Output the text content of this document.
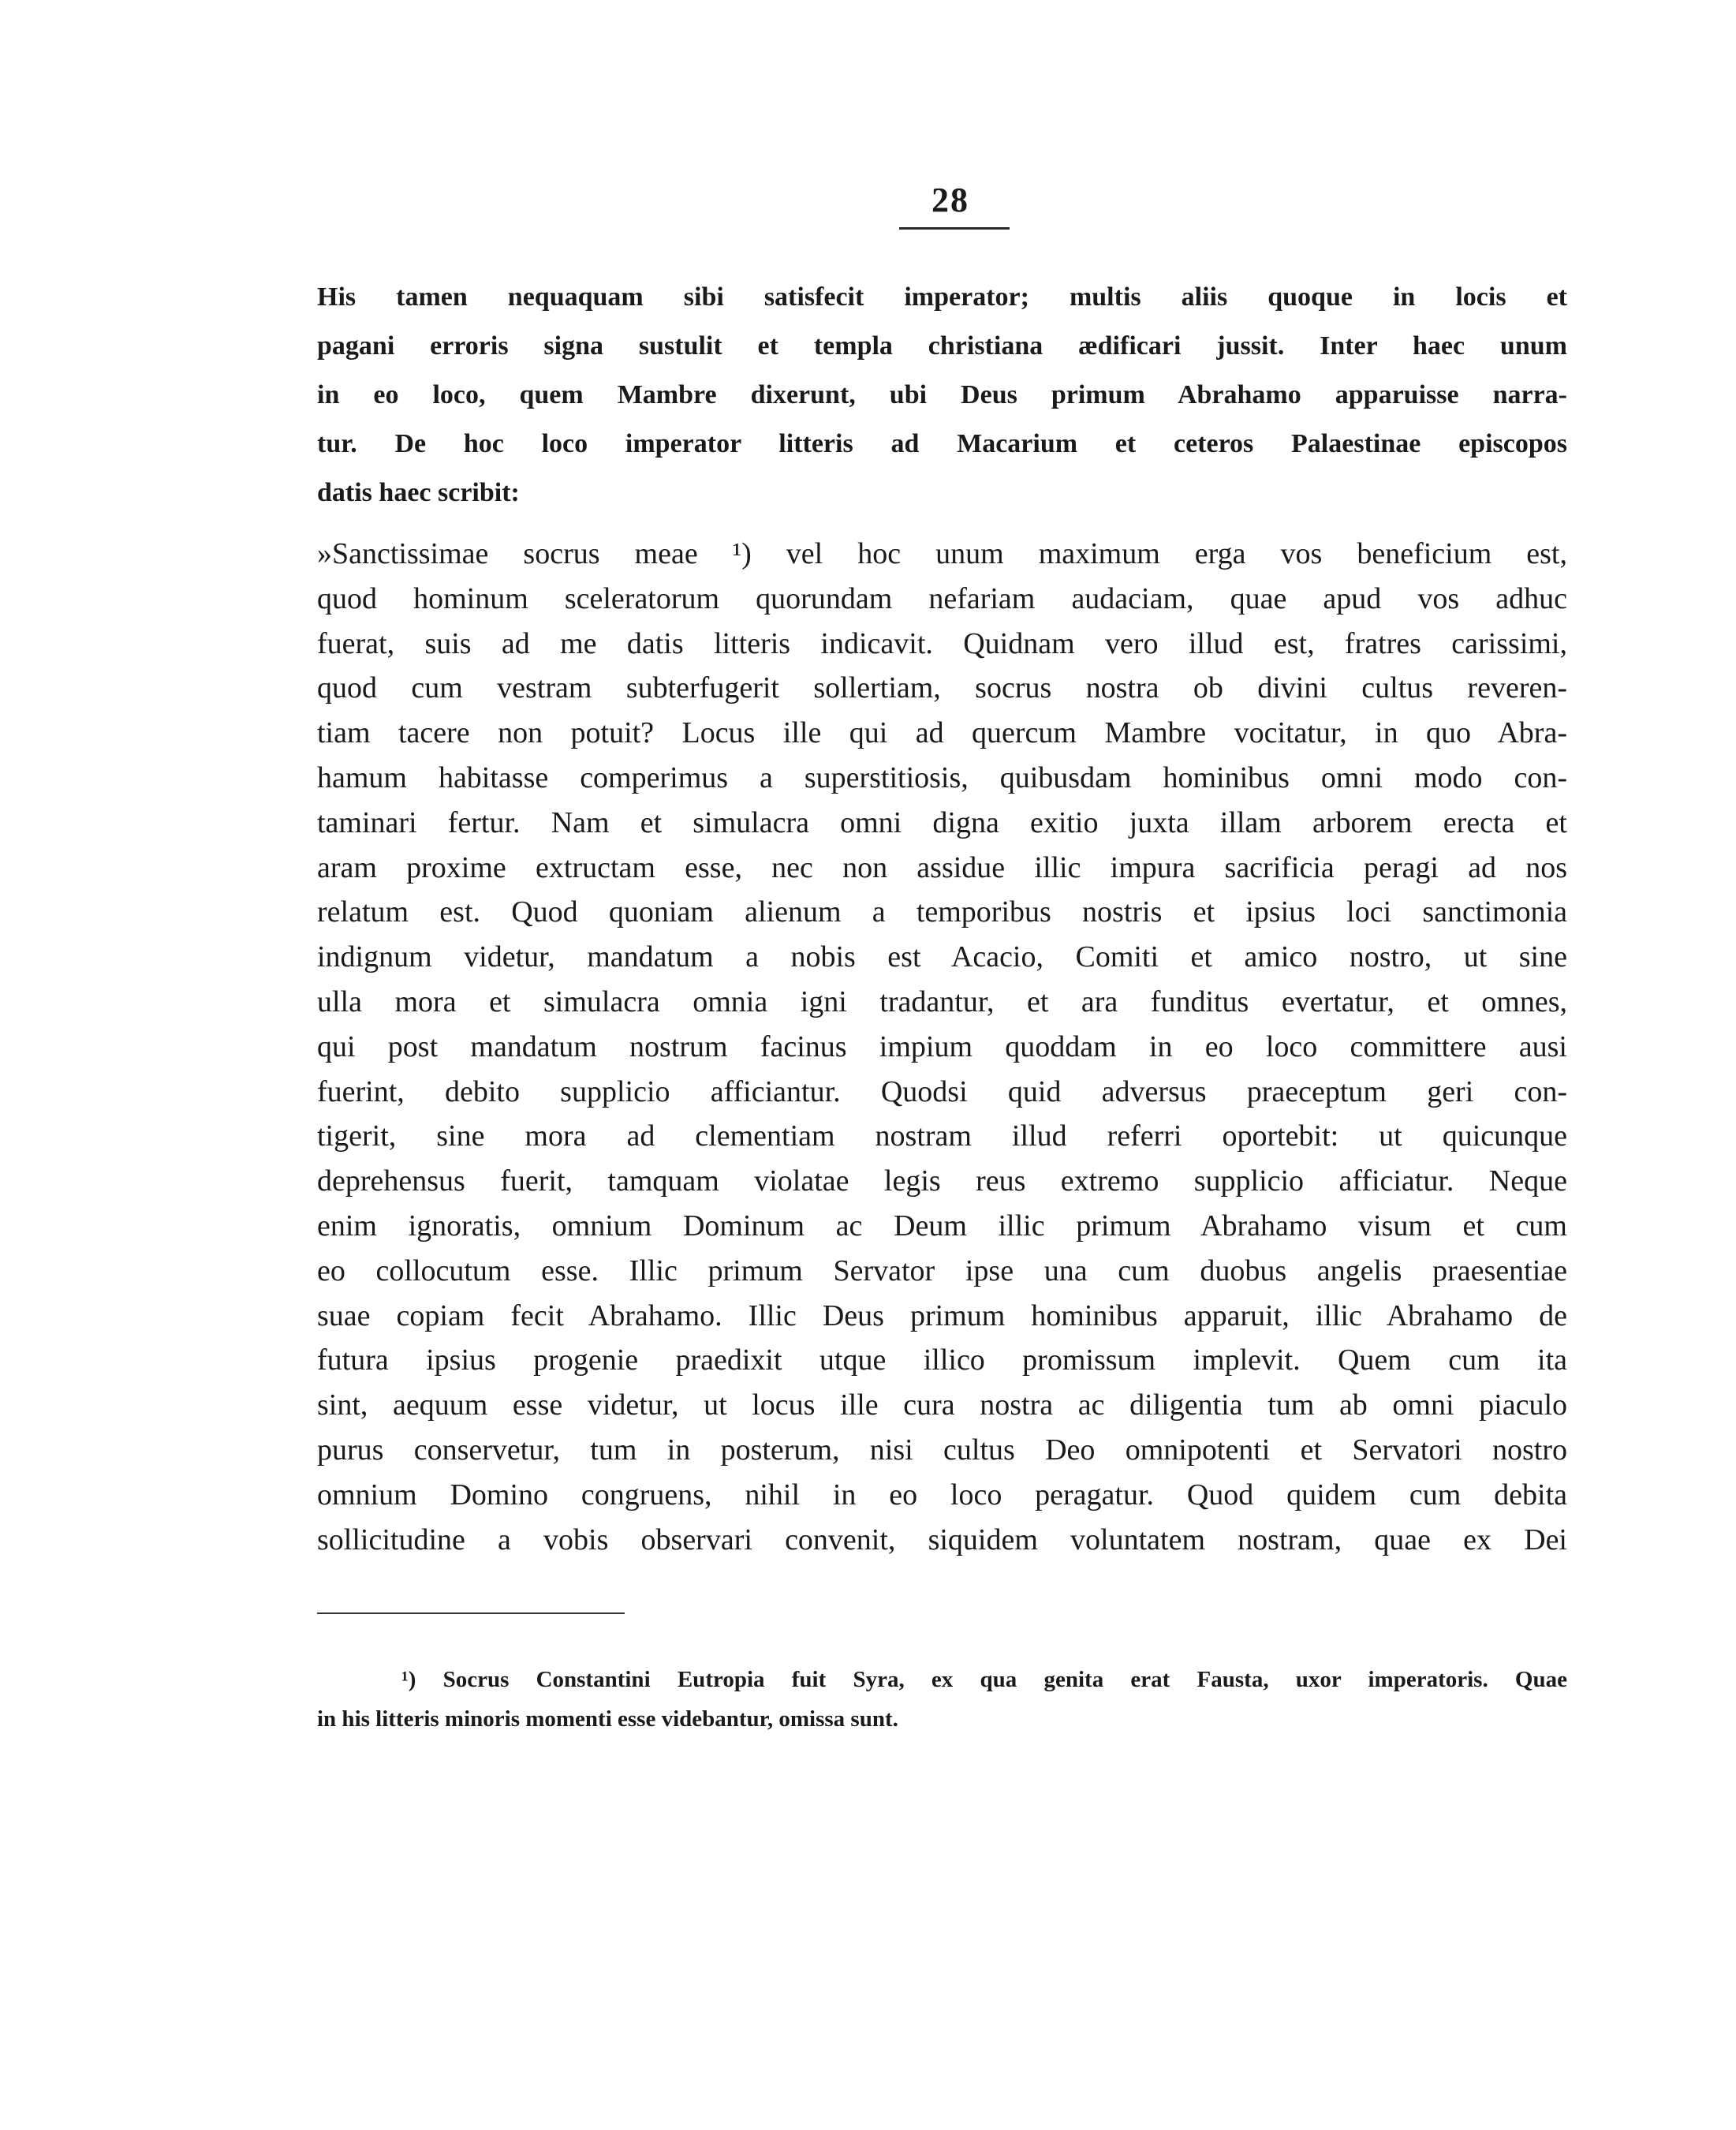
28
His tamen nequaquam sibi satisfecit imperator; multis aliis quoque in locis et
pagani erroris signa sustulit et templa christiana ædificari jussit. Inter haec unum
in eo loco, quem Mambre dixerunt, ubi Deus primum Abrahamo apparuisse narra-
tur. De hoc loco imperator litteris ad Macarium et ceteros Palaestinae episcopos
datis haec scribit:
»Sanctissimae socrus meae ¹) vel hoc unum maximum erga vos beneficium est,
quod hominum sceleratorum quorundam nefariam audaciam, quae apud vos adhuc
fuerat, suis ad me datis litteris indicavit. Quidnam vero illud est, fratres carissimi,
quod cum vestram subterfugerit sollertiam, socrus nostra ob divini cultus reveren-
tiam tacere non potuit? Locus ille qui ad quercum Mambre vocitatur, in quo Abra-
hamum habitasse comperimus a superstitiosis, quibusdam hominibus omni modo con-
taminari fertur. Nam et simulacra omni digna exitio juxta illam arborem erecta et
aram proxime extructam esse, nec non assidue illic impura sacrificia peragi ad nos
relatum est. Quod quoniam alienum a temporibus nostris et ipsius loci sanctimonia
indignum videtur, mandatum a nobis est Acacio, Comiti et amico nostro, ut sine
ulla mora et simulacra omnia igni tradantur, et ara funditus evertatur, et omnes,
qui post mandatum nostrum facinus impium quoddam in eo loco committere ausi
fuerint, debito supplicio afficiantur. Quodsi quid adversus praeceptum geri con-
tigerit, sine mora ad clementiam nostram illud referri oportebit: ut quicunque
deprehensus fuerit, tamquam violatae legis reus extremo supplicio afficiatur. Neque
enim ignoratis, omnium Dominum ac Deum illic primum Abrahamo visum et cum
eo collocutum esse. Illic primum Servator ipse una cum duobus angelis praesentiae
suae copiam fecit Abrahamo. Illic Deus primum hominibus apparuit, illic Abrahamo de
futura ipsius progenie praedixit utque illico promissum implevit. Quem cum ita
sint, aequum esse videtur, ut locus ille cura nostra ac diligentia tum ab omni piaculo
purus conservetur, tum in posterum, nisi cultus Deo omnipotenti et Servatori nostro
omnium Domino congruens, nihil in eo loco peragatur. Quod quidem cum debita
sollicitudine a vobis observari convenit, siquidem voluntatem nostram, quae ex Dei
¹) Socrus Constantini Eutropia fuit Syra, ex qua genita erat Fausta, uxor imperatoris. Quae
in his litteris minoris momenti esse videbantur, omissa sunt.
